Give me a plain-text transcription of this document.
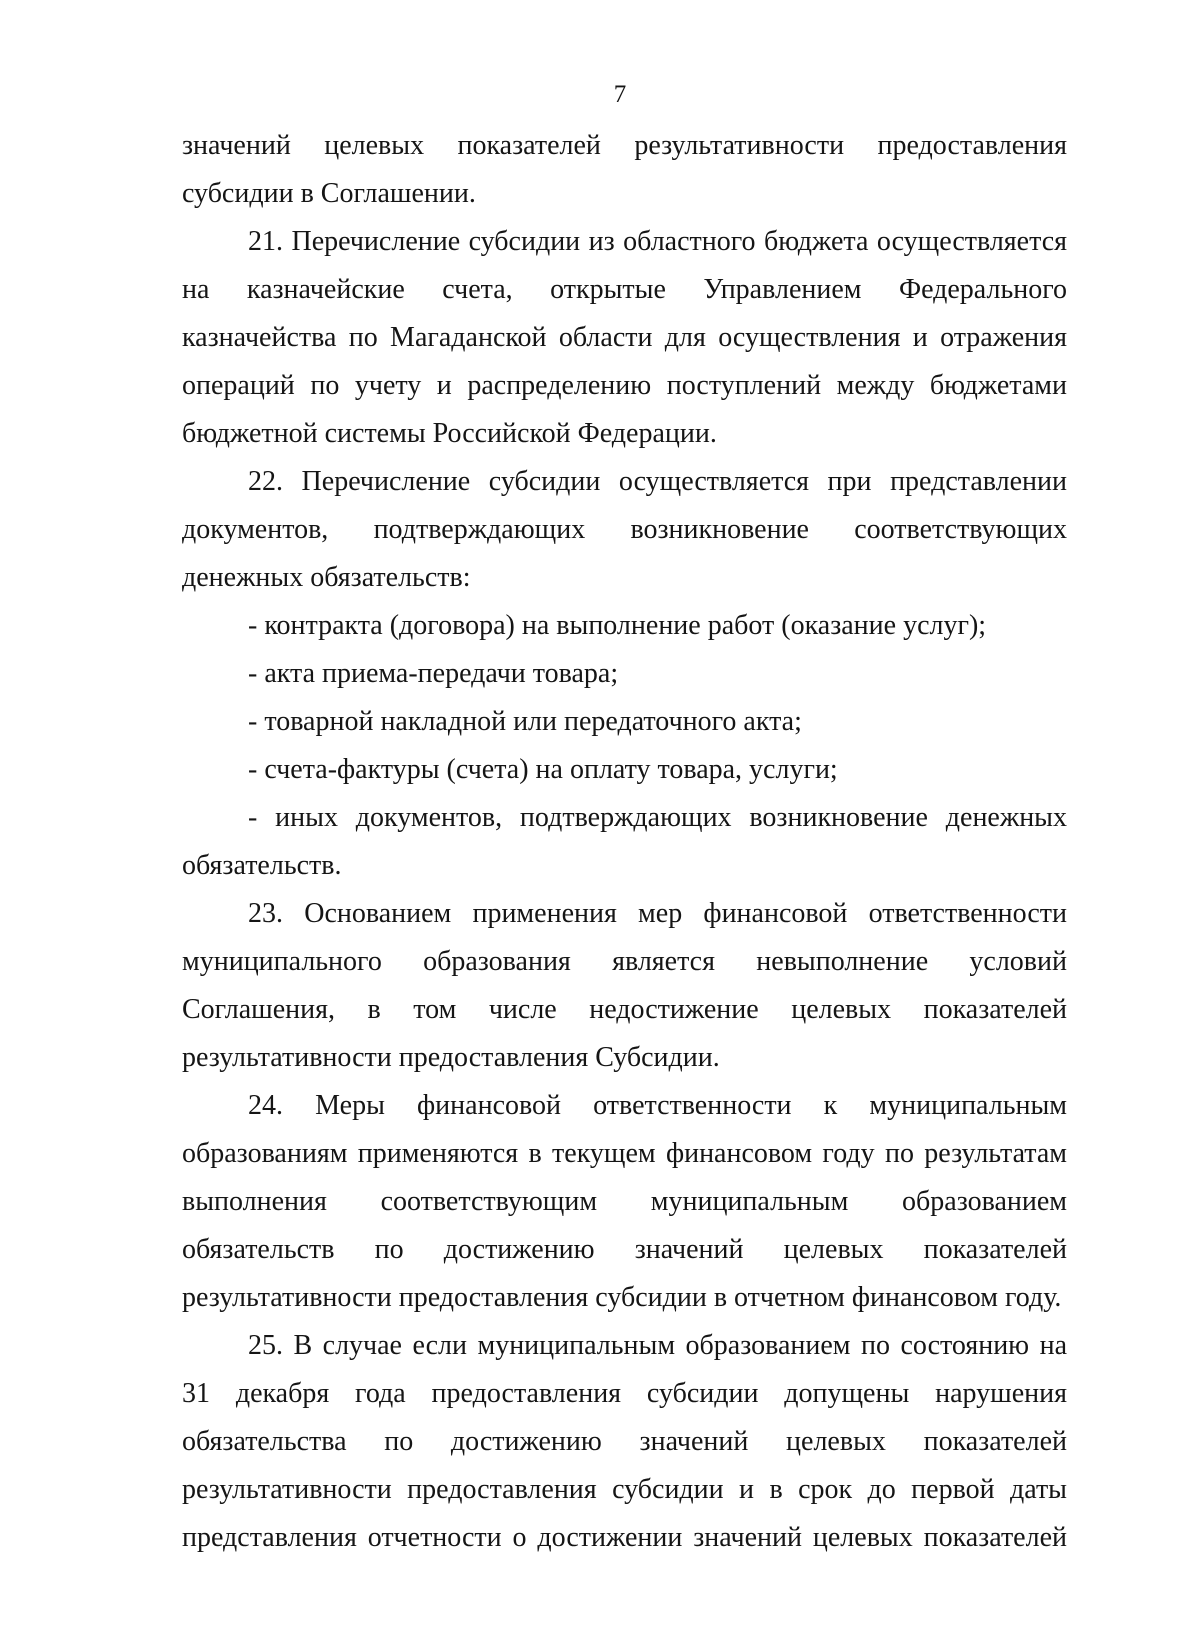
7

значений целевых показателей результативности предоставления субсидии в Соглашении.

21. Перечисление субсидии из областного бюджета осуществляется на казначейские счета, открытые Управлением Федерального казначейства по Магаданской области для осуществления и отражения операций по учету и распределению поступлений между бюджетами бюджетной системы Российской Федерации.

22. Перечисление субсидии осуществляется при представлении документов, подтверждающих возникновение соответствующих денежных обязательств:

- контракта (договора) на выполнение работ (оказание услуг);

- акта приема-передачи товара;

- товарной накладной или передаточного акта;

- счета-фактуры (счета) на оплату товара, услуги;

- иных документов, подтверждающих возникновение денежных обязательств.

23. Основанием применения мер финансовой ответственности муниципального образования является невыполнение условий Соглашения, в том числе недостижение целевых показателей результативности предоставления Субсидии.

24. Меры финансовой ответственности к муниципальным образованиям применяются в текущем финансовом году по результатам выполнения соответствующим муниципальным образованием обязательств по достижению значений целевых показателей результативности предоставления субсидии в отчетном финансовом году.

25. В случае если муниципальным образованием по состоянию на 31 декабря года предоставления субсидии допущены нарушения обязательства по достижению значений целевых показателей результативности предоставления субсидии и в срок до первой даты представления отчетности о достижении значений целевых показателей
